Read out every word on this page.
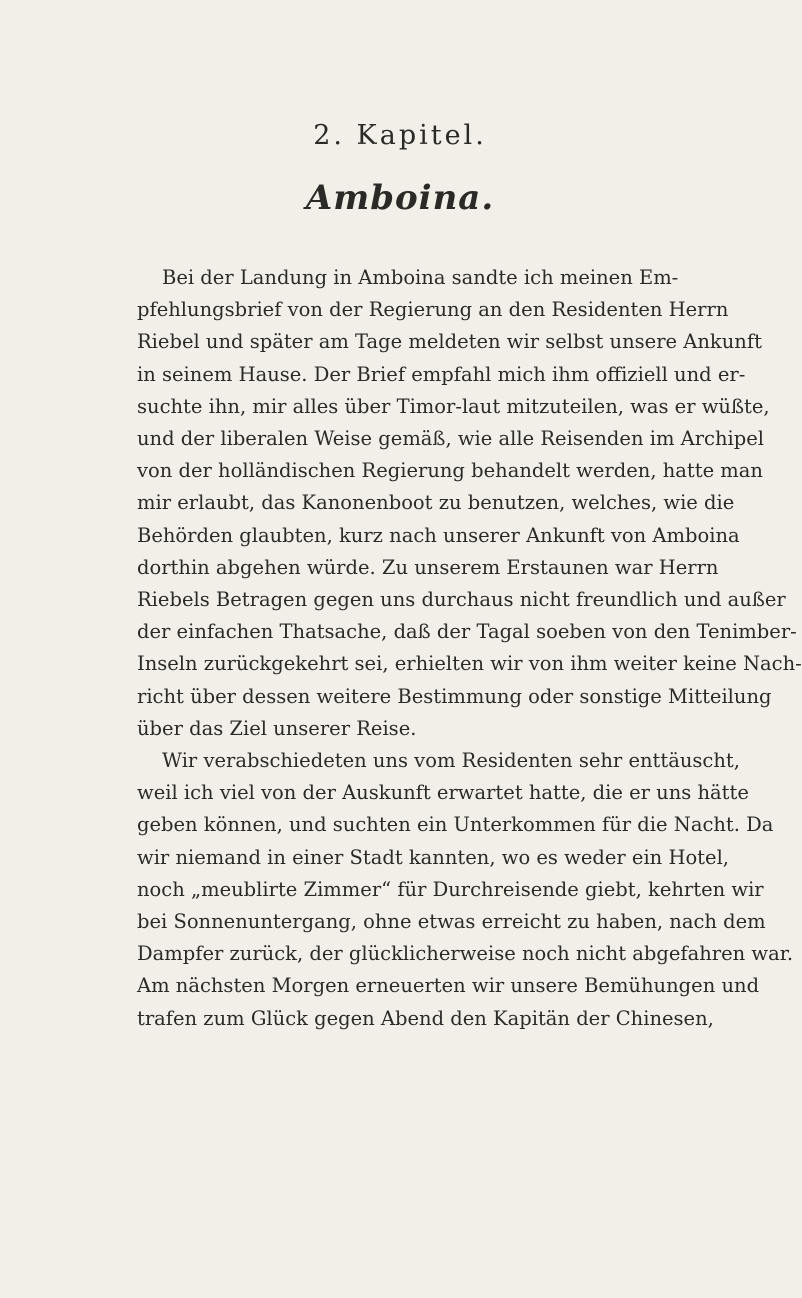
2. Kapitel.
Amboina.
Bei der Landung in Amboina sandte ich meinen Em-
pfehlungsbrief von der Regierung an den Residenten Herrn
Riebel und später am Tage meldeten wir selbst unsere Ankunft
in seinem Hause. Der Brief empfahl mich ihm offiziell und er-
suchte ihn, mir alles über Timor-laut mitzuteilen, was er wüßte,
und der liberalen Weise gemäß, wie alle Reisenden im Archipel
von der holländischen Regierung behandelt werden, hatte man
mir erlaubt, das Kanonenboot zu benutzen, welches, wie die
Behörden glaubten, kurz nach unserer Ankunft von Amboina
dorthin abgehen würde. Zu unserem Erstaunen war Herrn
Riebels Betragen gegen uns durchaus nicht freundlich und außer
der einfachen Thatsache, daß der Tagal soeben von den Tenimber-
Inseln zurückgekehrt sei, erhielten wir von ihm weiter keine Nach-
richt über dessen weitere Bestimmung oder sonstige Mitteilung
über das Ziel unserer Reise.
Wir verabschiedeten uns vom Residenten sehr enttäuscht,
weil ich viel von der Auskunft erwartet hatte, die er uns hätte
geben können, und suchten ein Unterkommen für die Nacht. Da
wir niemand in einer Stadt kannten, wo es weder ein Hotel,
noch „meublirte Zimmer“ für Durchreisende giebt, kehrten wir
bei Sonnenuntergang, ohne etwas erreicht zu haben, nach dem
Dampfer zurück, der glücklicherweise noch nicht abgefahren war.
Am nächsten Morgen erneuerten wir unsere Bemühungen und
trafen zum Glück gegen Abend den Kapitän der Chinesen,
